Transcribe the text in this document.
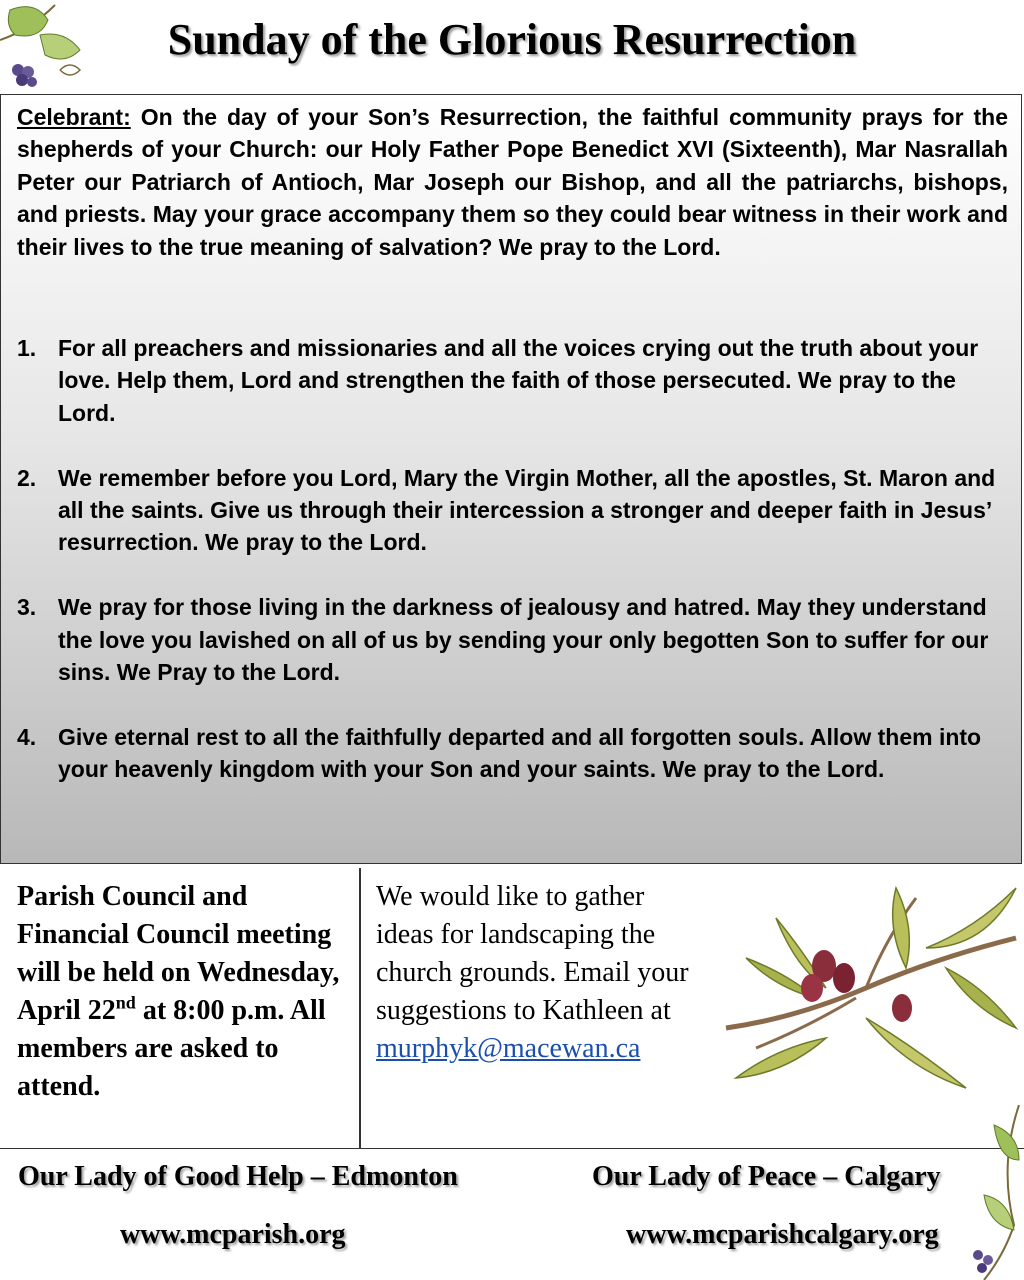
Sunday of the Glorious Resurrection

Celebrant: On the day of your Son’s Resurrection, the faithful community prays for the shepherds of your Church: our Holy Father Pope Benedict XVI (Sixteenth), Mar Nasrallah Peter our Patriarch of Antioch, Mar Joseph our Bishop, and all the patriarchs, bishops, and priests. May your grace accompany them so they could bear witness in their work and their lives to the true meaning of salvation? We pray to the Lord.

1. For all preachers and missionaries and all the voices crying out the truth about your love. Help them, Lord and strengthen the faith of those persecuted. We pray to the Lord.
2. We remember before you Lord, Mary the Virgin Mother, all the apostles, St. Maron and all the saints. Give us through their intercession a stronger and deeper faith in Jesus’ resurrection. We pray to the Lord.
3. We pray for those living in the darkness of jealousy and hatred. May they understand the love you lavished on all of us by sending your only begotten Son to suffer for our sins. We Pray to the Lord.
4. Give eternal rest to all the faithfully departed and all forgotten souls. Allow them into your heavenly kingdom with your Son and your saints. We pray to the Lord.

Parish Council and Financial Council meeting will be held on Wednesday, April 22nd at 8:00 p.m. All members are asked to attend.

We would like to gather ideas for landscaping the church grounds. Email your suggestions to Kathleen at murphyk@macewan.ca

Our Lady of Good Help – Edmonton	Our Lady of Peace – Calgary
www.mcparish.org	www.mcparishcalgary.org
